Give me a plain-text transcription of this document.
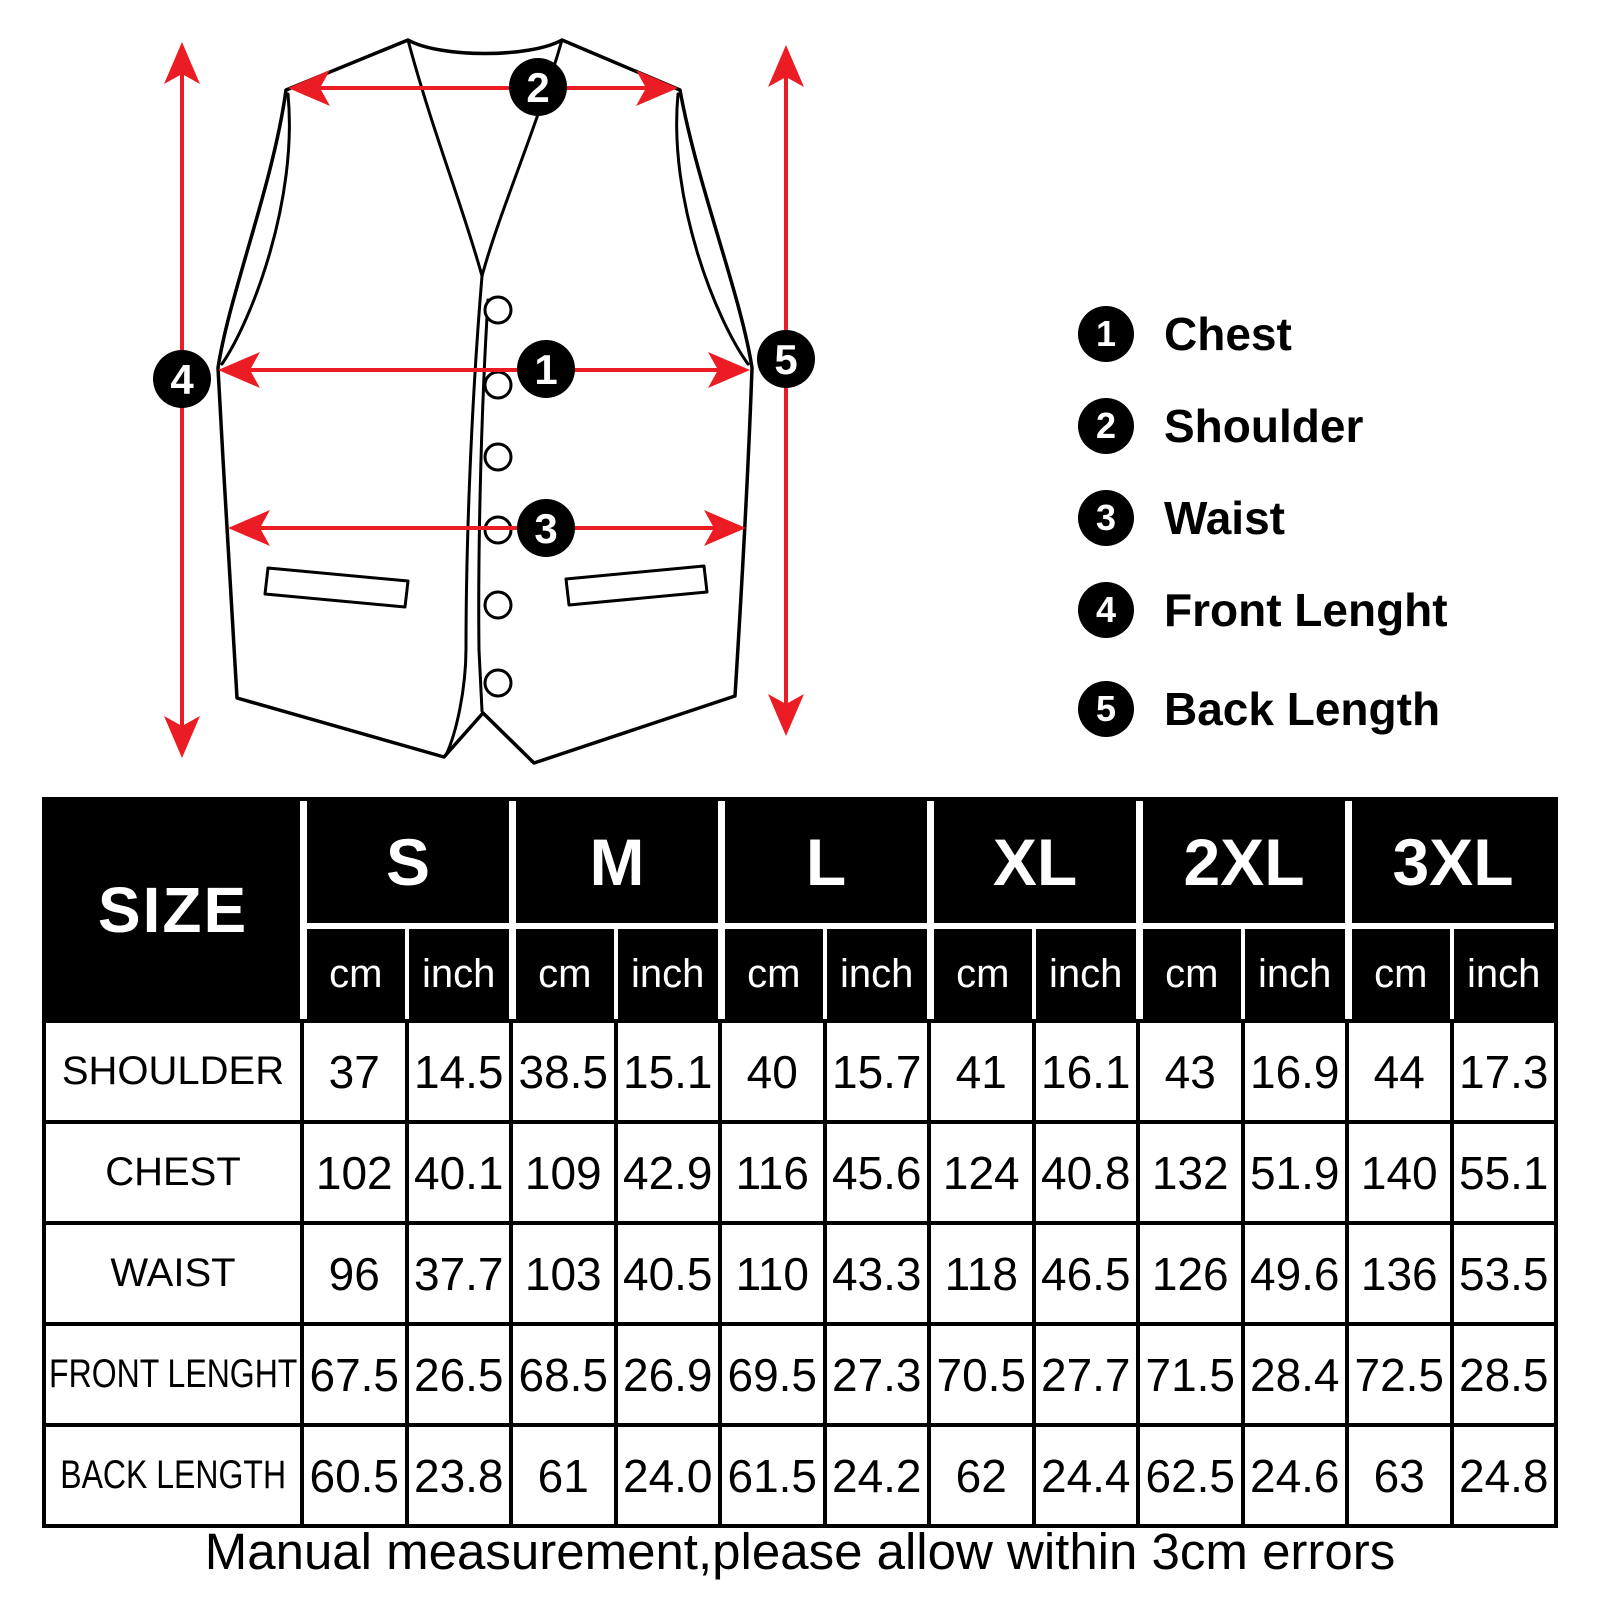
1
2
3
4	5
1	Chest
2	Shoulder
3	Waist
4	Front Lenght
5	Back Length
SIZE
S	M	L	XL	2XL	3XL
cm inch	cm inch	cm inch	cm inch	cm inch	cm inch
SHOULDER 37 14.5 38.5 15.1 40 15.7 41 16.1 43 16.9 44 17.3
CHEST	102 40.1 109 42.9 116 45.6 124 40.8 132 51.9 140 55.1
WAIST	96 37.7 103 40.5 110 43.3 118 46.5 126 49.6 136 53.5
FRONT LENGHT 67.5 26.5 68.5 26.9 69.5 27.3 70.5 27.7 71.5 28.4 72.5 28.5
BACK LENGTH 60.5 23.8 61 24.0 61.5 24.2 62 24.4 62.5 24.6 63 24.8
Manual measurement,please allow within 3cm errors
